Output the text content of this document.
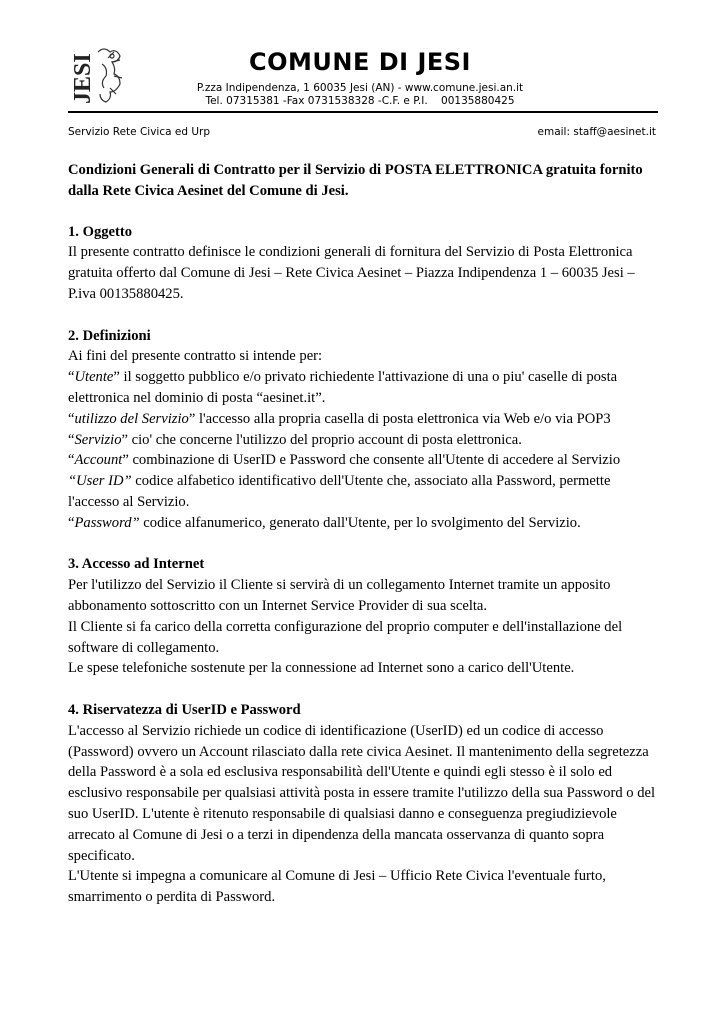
JESI	COMUNE DI JESI
P.zza Indipendenza, 1 60035 Jesi (AN) - www.comune.jesi.an.it
Tel. 07315381 -Fax 0731538328 -C.F. e P.I.    00135880425
Servizio Rete Civica ed Urp	email: staff@aesinet.it
Condizioni Generali di Contratto per il Servizio di POSTA ELETTRONICA gratuita fornito dalla Rete Civica Aesinet del Comune di Jesi.
1. Oggetto
Il presente contratto definisce le condizioni generali di fornitura del Servizio di Posta Elettronica gratuita offerto dal Comune di Jesi – Rete Civica Aesinet – Piazza Indipendenza 1 – 60035 Jesi – P.iva 00135880425.
2. Definizioni
Ai fini del presente contratto si intende per:
“Utente” il soggetto pubblico e/o privato richiedente l'attivazione di una o piu' caselle di posta elettronica nel dominio di posta “aesinet.it”.
“utilizzo del Servizio” l'accesso alla propria casella di posta elettronica via Web e/o via POP3
“Servizio” cio' che concerne l'utilizzo del proprio account di posta elettronica.
“Account” combinazione di UserID e Password che consente all'Utente di accedere al Servizio
“User ID” codice alfabetico identificativo dell'Utente che, associato alla Password, permette l'accesso al Servizio.
“Password” codice alfanumerico, generato dall'Utente, per lo svolgimento del Servizio.
3. Accesso ad Internet
Per l'utilizzo del Servizio il Cliente si servirà di un collegamento Internet tramite un apposito abbonamento sottoscritto con un Internet Service Provider di sua scelta.
Il Cliente si fa carico della corretta configurazione del proprio computer e dell'installazione del software di collegamento.
Le spese telefoniche sostenute per la connessione ad Internet sono a carico dell'Utente.
4. Riservatezza di UserID e Password
L'accesso al Servizio richiede un codice di identificazione (UserID) ed un codice di accesso (Password) ovvero un Account rilasciato dalla rete civica Aesinet. Il mantenimento della segretezza della Password è a sola ed esclusiva responsabilità dell'Utente e quindi egli stesso è il solo ed esclusivo responsabile per qualsiasi attività posta in essere tramite l'utilizzo della sua Password o del suo UserID. L'utente è ritenuto responsabile di qualsiasi danno e conseguenza pregiudizievole arrecato al Comune di Jesi o a terzi in dipendenza della mancata osservanza di quanto sopra specificato.
L'Utente si impegna a comunicare al Comune di Jesi – Ufficio Rete Civica l'eventuale furto, smarrimento o perdita di Password.
